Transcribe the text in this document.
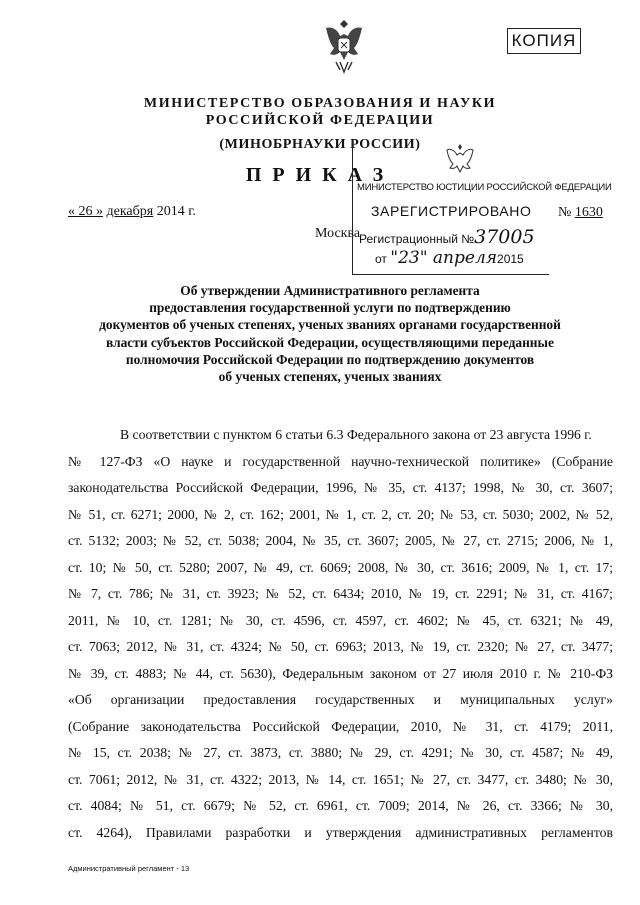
КОПИЯ
МИНИСТЕРСТВО ОБРАЗОВАНИЯ И НАУКИ
РОССИЙСКОЙ ФЕДЕРАЦИИ
(МИНОБРНАУКИ РОССИИ)
ПРИКАЗ
« 26 » декабря 2014 г.	№ 1630
Москва
МИНИСТЕРСТВО ЮСТИЦИИ РОССИЙСКОЙ ФЕДЕРАЦИИ
ЗАРЕГИСТРИРОВАНО
Регистрационный №37005
от "23" апреля2015
Об утверждении Административного регламента
предоставления государственной услуги по подтверждению
документов об ученых степенях, ученых званиях органами государственной
власти субъектов Российской Федерации, осуществляющими переданные
полномочия Российской Федерации по подтверждению документов
об ученых степенях, ученых званиях
В соответствии с пунктом 6 статьи 6.3 Федерального закона от 23 августа 1996 г.
№ 127-ФЗ «О науке и государственной научно-технической политике» (Собрание
законодательства Российской Федерации, 1996, № 35, ст. 4137; 1998, № 30, ст. 3607;
№ 51, ст. 6271; 2000, № 2, ст. 162; 2001, № 1, ст. 2, ст. 20; № 53, ст. 5030; 2002, № 52,
ст. 5132; 2003; № 52, ст. 5038; 2004, № 35, ст. 3607; 2005, № 27, ст. 2715; 2006, № 1,
ст. 10; № 50, ст. 5280; 2007, № 49, ст. 6069; 2008, № 30, ст. 3616; 2009, № 1, ст. 17;
№ 7, ст. 786; № 31, ст. 3923; № 52, ст. 6434; 2010, № 19, ст. 2291; № 31, ст. 4167;
2011, № 10, ст. 1281; № 30, ст. 4596, ст. 4597, ст. 4602; № 45, ст. 6321; № 49,
ст. 7063; 2012, № 31, ст. 4324; № 50, ст. 6963; 2013, № 19, ст. 2320; № 27, ст. 3477;
№ 39, ст. 4883; № 44, ст. 5630), Федеральным законом от 27 июля 2010 г. № 210-ФЗ
«Об организации предоставления государственных и муниципальных услуг»
(Собрание законодательства Российской Федерации, 2010, № 31, ст. 4179; 2011,
№ 15, ст. 2038; № 27, ст. 3873, ст. 3880; № 29, ст. 4291; № 30, ст. 4587; № 49,
ст. 7061; 2012, № 31, ст. 4322; 2013, № 14, ст. 1651; № 27, ст. 3477, ст. 3480; № 30,
ст. 4084; № 51, ст. 6679; № 52, ст. 6961, ст. 7009; 2014, № 26, ст. 3366; № 30,
ст. 4264), Правилами разработки и утверждения административных регламентов
Административный регламент - 13
